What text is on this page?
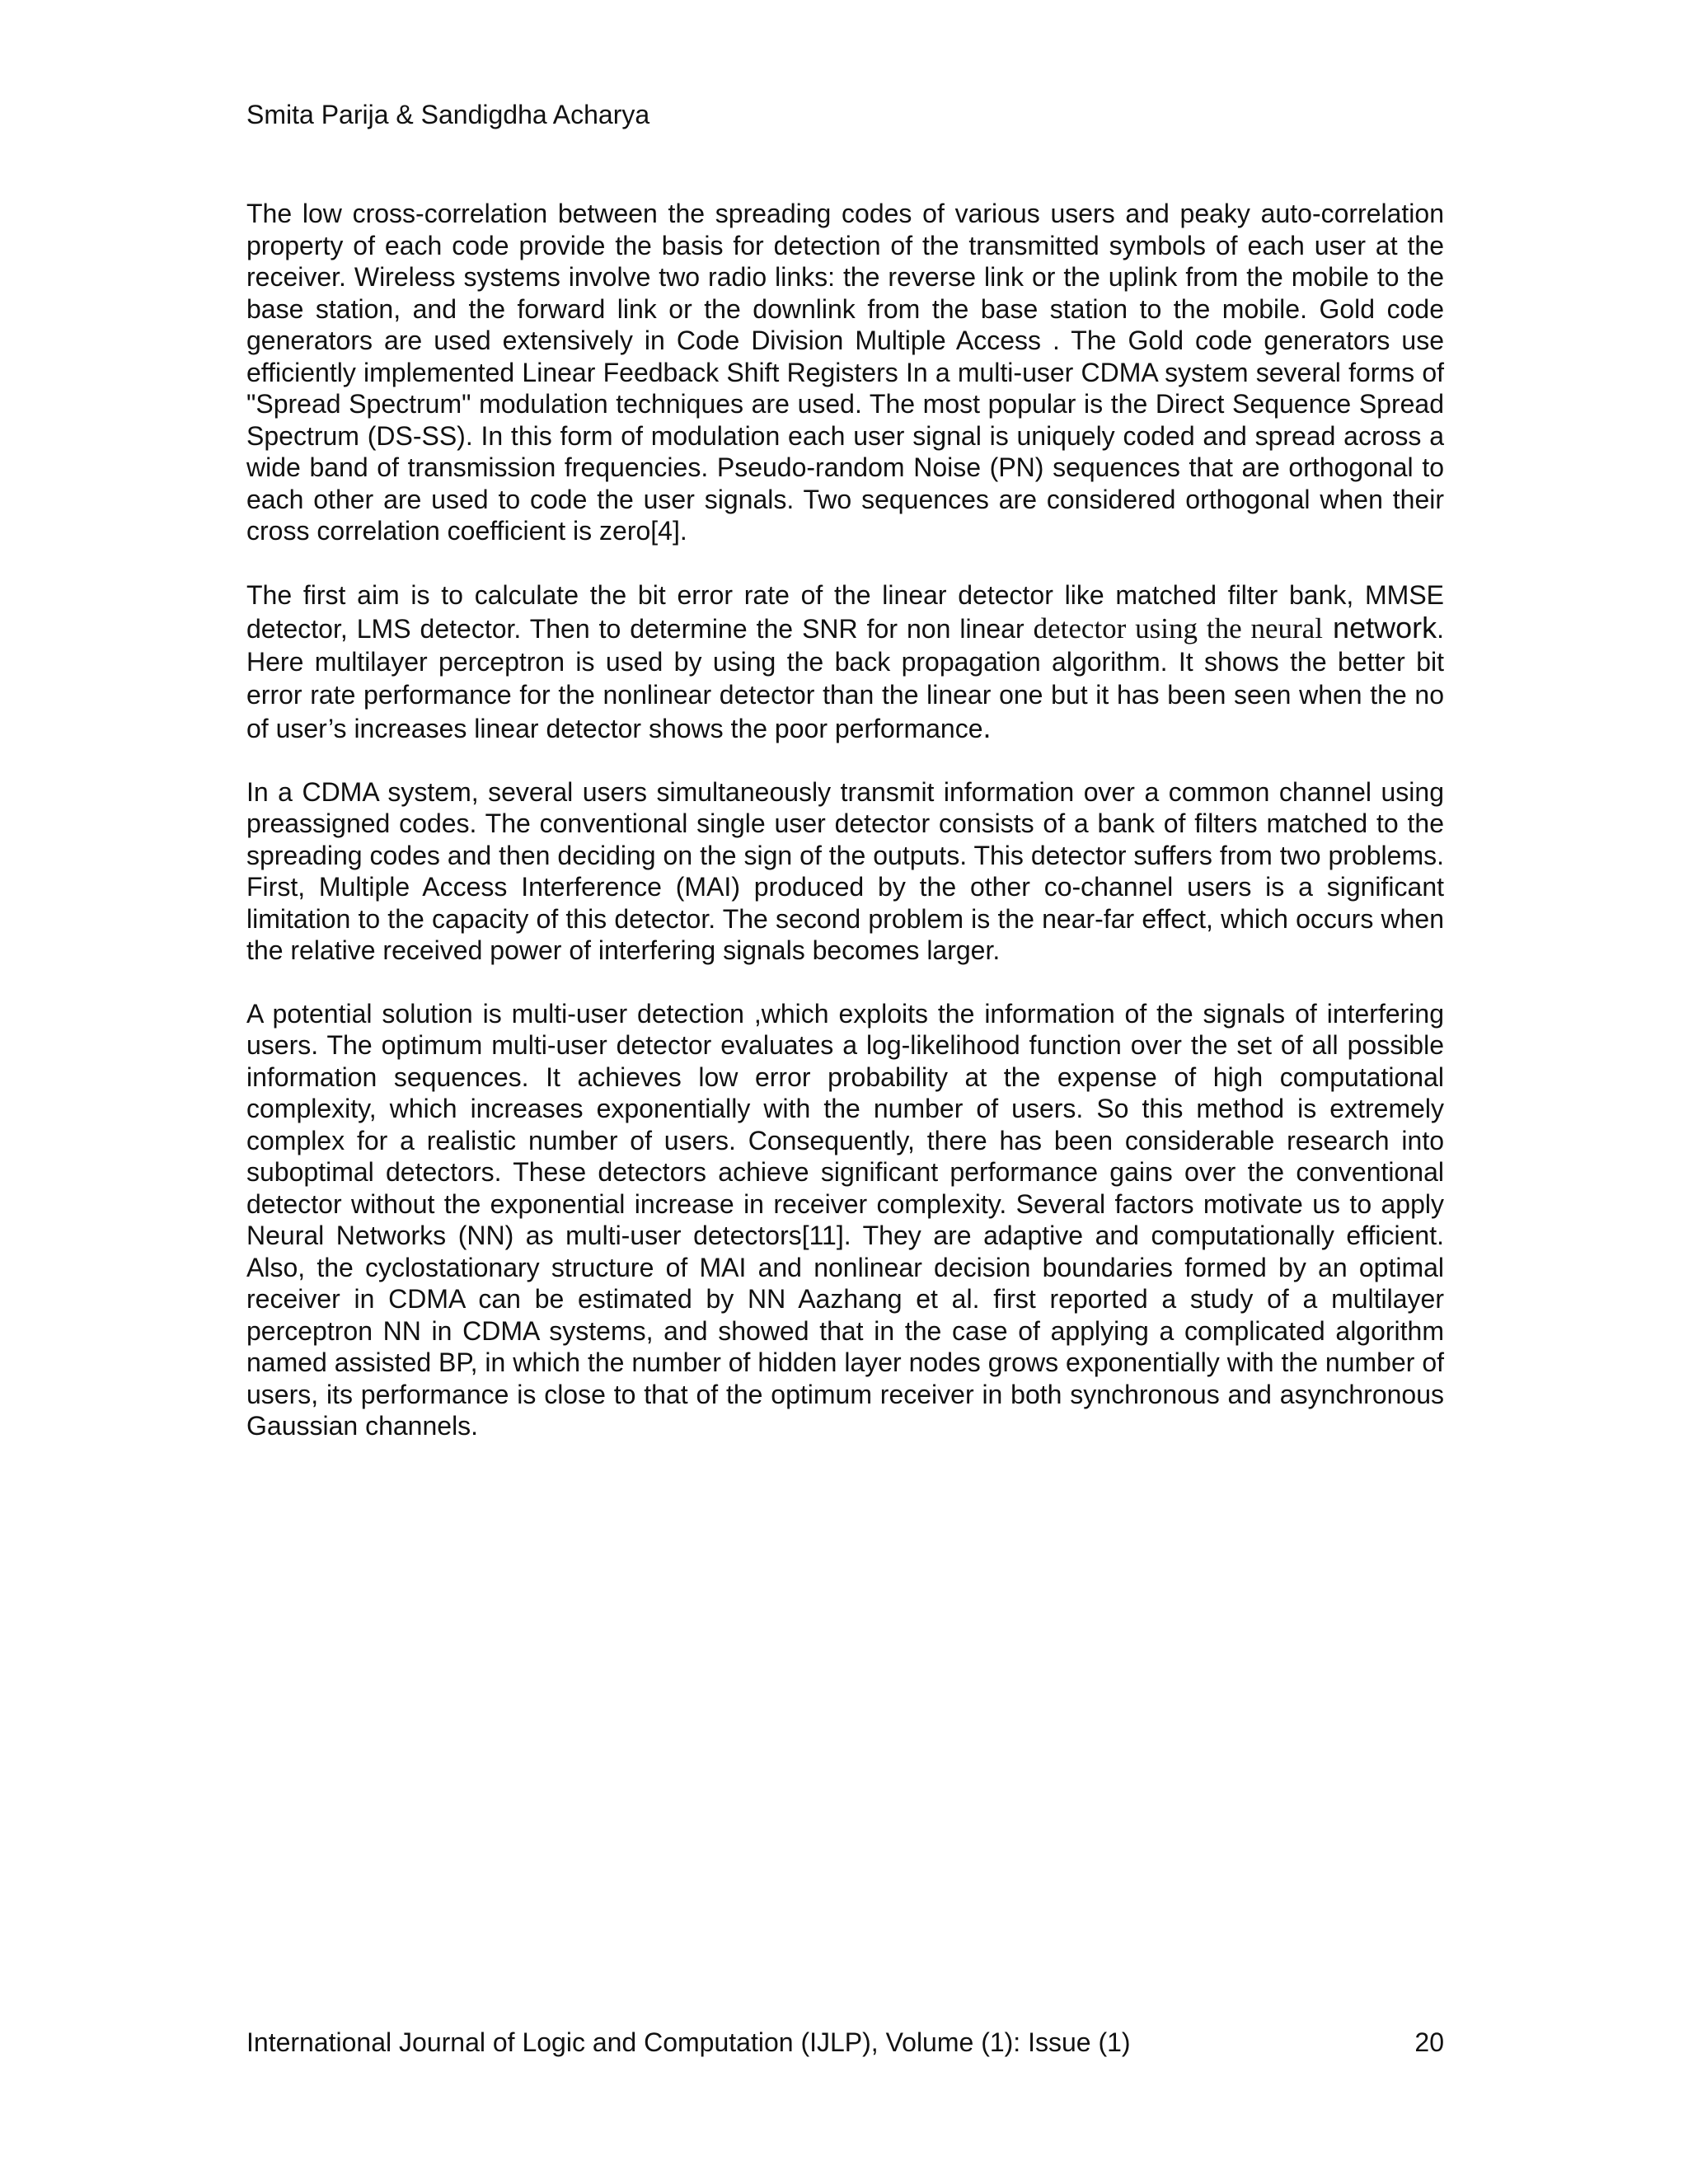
Smita Parija & Sandigdha Acharya

The low cross-correlation between the spreading codes of various users and peaky auto-correlation property of each code provide the basis for detection of the transmitted symbols of each user at the receiver. Wireless systems involve two radio links: the reverse link or the uplink from the mobile to the base station, and the forward link or the downlink from the base station to the mobile. Gold code generators are used extensively in Code Division Multiple Access . The Gold code generators use efficiently implemented Linear Feedback Shift Registers In a multi-user CDMA system several forms of "Spread Spectrum" modulation techniques are used. The most popular is the Direct Sequence Spread Spectrum (DS-SS). In this form of modulation each user signal is uniquely coded and spread across a wide band of transmission frequencies. Pseudo-random Noise (PN) sequences that are orthogonal to each other are used to code the user signals. Two sequences are considered orthogonal when their cross correlation coefficient is zero[4].

The first aim is to calculate the bit error rate of the linear detector like matched filter bank, MMSE detector, LMS detector. Then to determine the SNR for non linear detector using the neural network. Here multilayer perceptron is used by using the back propagation algorithm. It shows the better bit error rate performance for the nonlinear detector than the linear one but it has been seen when the no of user’s increases linear detector shows the poor performance.

In a CDMA system, several users simultaneously transmit information over a common channel using preassigned codes. The conventional single user detector consists of a bank of filters matched to the spreading codes and then deciding on the sign of the outputs. This detector suffers from two problems. First, Multiple Access Interference (MAI) produced by the other co-channel users is a significant limitation to the capacity of this detector. The second problem is the near-far effect, which occurs when the relative received power of interfering signals becomes larger.

A potential solution is multi-user detection ,which exploits the information of the signals of interfering users. The optimum multi-user detector evaluates a log-likelihood function over the set of all possible information sequences. It achieves low error probability at the expense of high computational complexity, which increases exponentially with the number of users. So this method is extremely complex for a realistic number of users. Consequently, there has been considerable research into suboptimal detectors. These detectors achieve significant performance gains over the conventional detector without the exponential increase in receiver complexity. Several factors motivate us to apply Neural Networks (NN) as multi-user detectors[11]. They are adaptive and computationally efficient. Also, the cyclostationary structure of MAI and nonlinear decision boundaries formed by an optimal receiver in CDMA can be estimated by NN Aazhang et al. first reported a study of a multilayer perceptron NN in CDMA systems, and showed that in the case of applying a complicated algorithm named assisted BP, in which the number of hidden layer nodes grows exponentially with the number of users, its performance is close to that of the optimum receiver in both synchronous and asynchronous Gaussian channels.

International Journal of Logic and Computation (IJLP), Volume (1): Issue (1)	20
